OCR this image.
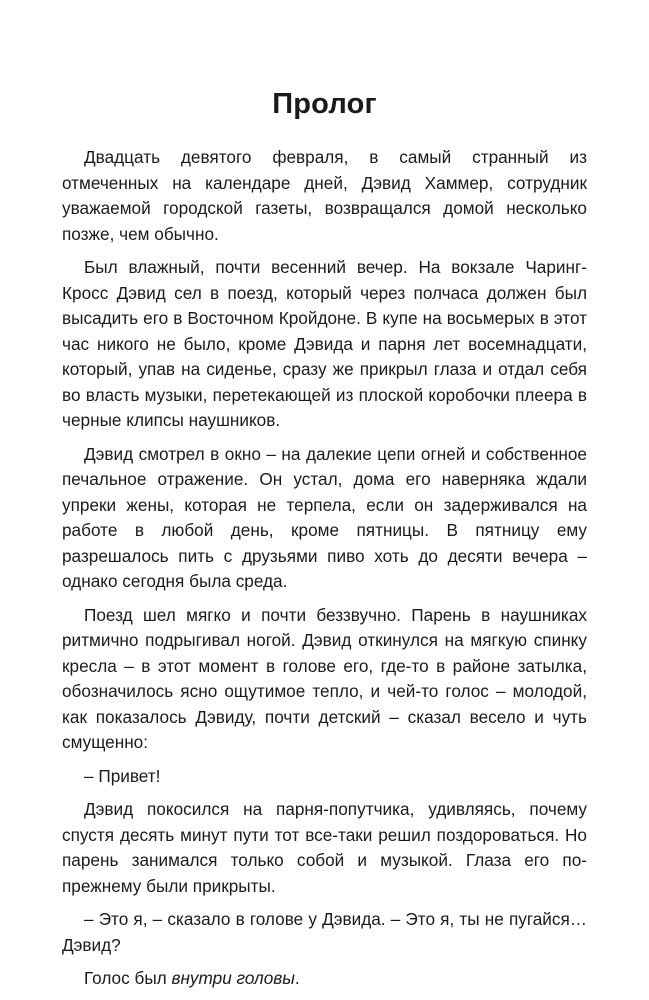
Пролог

Двадцать девятого февраля, в самый странный из отмеченных на календаре дней, Дэвид Хаммер, сотрудник уважаемой городской газеты, возвращался домой несколько позже, чем обычно.

Был влажный, почти весенний вечер. На вокзале Чаринг-Кросс Дэвид сел в поезд, который через полчаса должен был высадить его в Восточном Кройдоне. В купе на восьмерых в этот час никого не было, кроме Дэвида и парня лет восемнадцати, который, упав на сиденье, сразу же прикрыл глаза и отдал себя во власть музыки, перетекающей из плоской коробочки плеера в черные клипсы наушников.

Дэвид смотрел в окно – на далекие цепи огней и собственное печальное отражение. Он устал, дома его наверняка ждали упреки жены, которая не терпела, если он задерживался на работе в любой день, кроме пятницы. В пятницу ему разрешалось пить с друзьями пиво хоть до десяти вечера – однако сегодня была среда.

Поезд шел мягко и почти беззвучно. Парень в наушниках ритмично подрыгивал ногой. Дэвид откинулся на мягкую спинку кресла – в этот момент в голове его, где-то в районе затылка, обозначилось ясно ощутимое тепло, и чей-то голос – молодой, как показалось Дэвиду, почти детский – сказал весело и чуть смущенно:

– Привет!

Дэвид покосился на парня-попутчика, удивляясь, почему спустя десять минут пути тот все-таки решил поздороваться. Но парень занимался только собой и музыкой. Глаза его по-прежнему были прикрыты.

– Это я, – сказало в голове у Дэвида. – Это я, ты не пугайся… Дэвид?

Голос был внутри головы.
